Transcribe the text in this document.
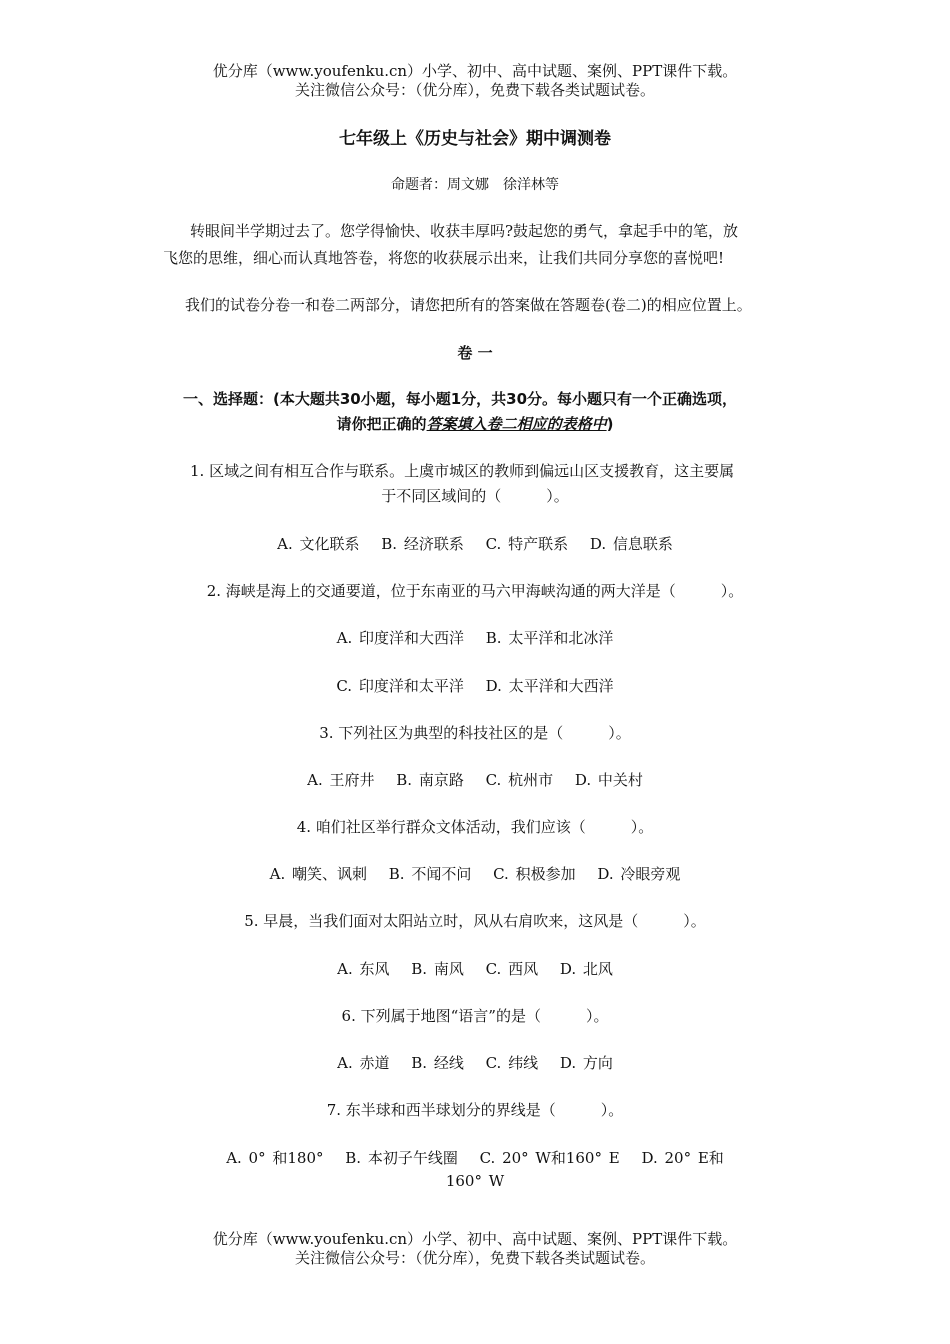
优分库（www.youfenku.cn）小学、初中、高中试题、案例、PPT课件下载。
关注微信公众号：（优分库），免费下载各类试题试卷。
七年级上《历史与社会》期中调测卷
命题者：周文娜　徐洋林等
转眼间半学期过去了。您学得愉快、收获丰厚吗?鼓起您的勇气，拿起手中的笔，放
飞您的思维，细心而认真地答卷，将您的收获展示出来，让我们共同分享您的喜悦吧!
我们的试卷分卷一和卷二两部分，请您把所有的答案做在答题卷(卷二)的相应位置上。
卷 一
一、选择题：(本大题共30小题，每小题1分，共30分。每小题只有一个正确选项，
请你把正确的答案填入卷二相应的表格中)
1. 区域之间有相互合作与联系。上虞市城区的教师到偏远山区支援教育，这主要属
于不同区域间的（　　　）。
A. 文化联系　 B. 经济联系　 C. 特产联系　 D. 信息联系
2. 海峡是海上的交通要道，位于东南亚的马六甲海峡沟通的两大洋是（　　　）。
A. 印度洋和大西洋　 B. 太平洋和北冰洋
C. 印度洋和太平洋　 D. 太平洋和大西洋
3. 下列社区为典型的科技社区的是（　　　）。
A. 王府井　 B. 南京路　 C. 杭州市　 D. 中关村
4. 咱们社区举行群众文体活动，我们应该（　　　）。
A. 嘲笑、讽刺　 B. 不闻不问　 C. 积极参加　 D. 冷眼旁观
5. 早晨，当我们面对太阳站立时，风从右肩吹来，这风是（　　　）。
A. 东风　 B. 南风　 C. 西风　 D. 北风
6. 下列属于地图“语言”的是（　　　）。
A. 赤道　 B. 经线　 C. 纬线　 D. 方向
7. 东半球和西半球划分的界线是（　　　）。
A. 0° 和180°　 B. 本初子午线圈　 C. 20° W和160° E　 D. 20° E和
160° W
优分库（www.youfenku.cn）小学、初中、高中试题、案例、PPT课件下载。
关注微信公众号：（优分库），免费下载各类试题试卷。
